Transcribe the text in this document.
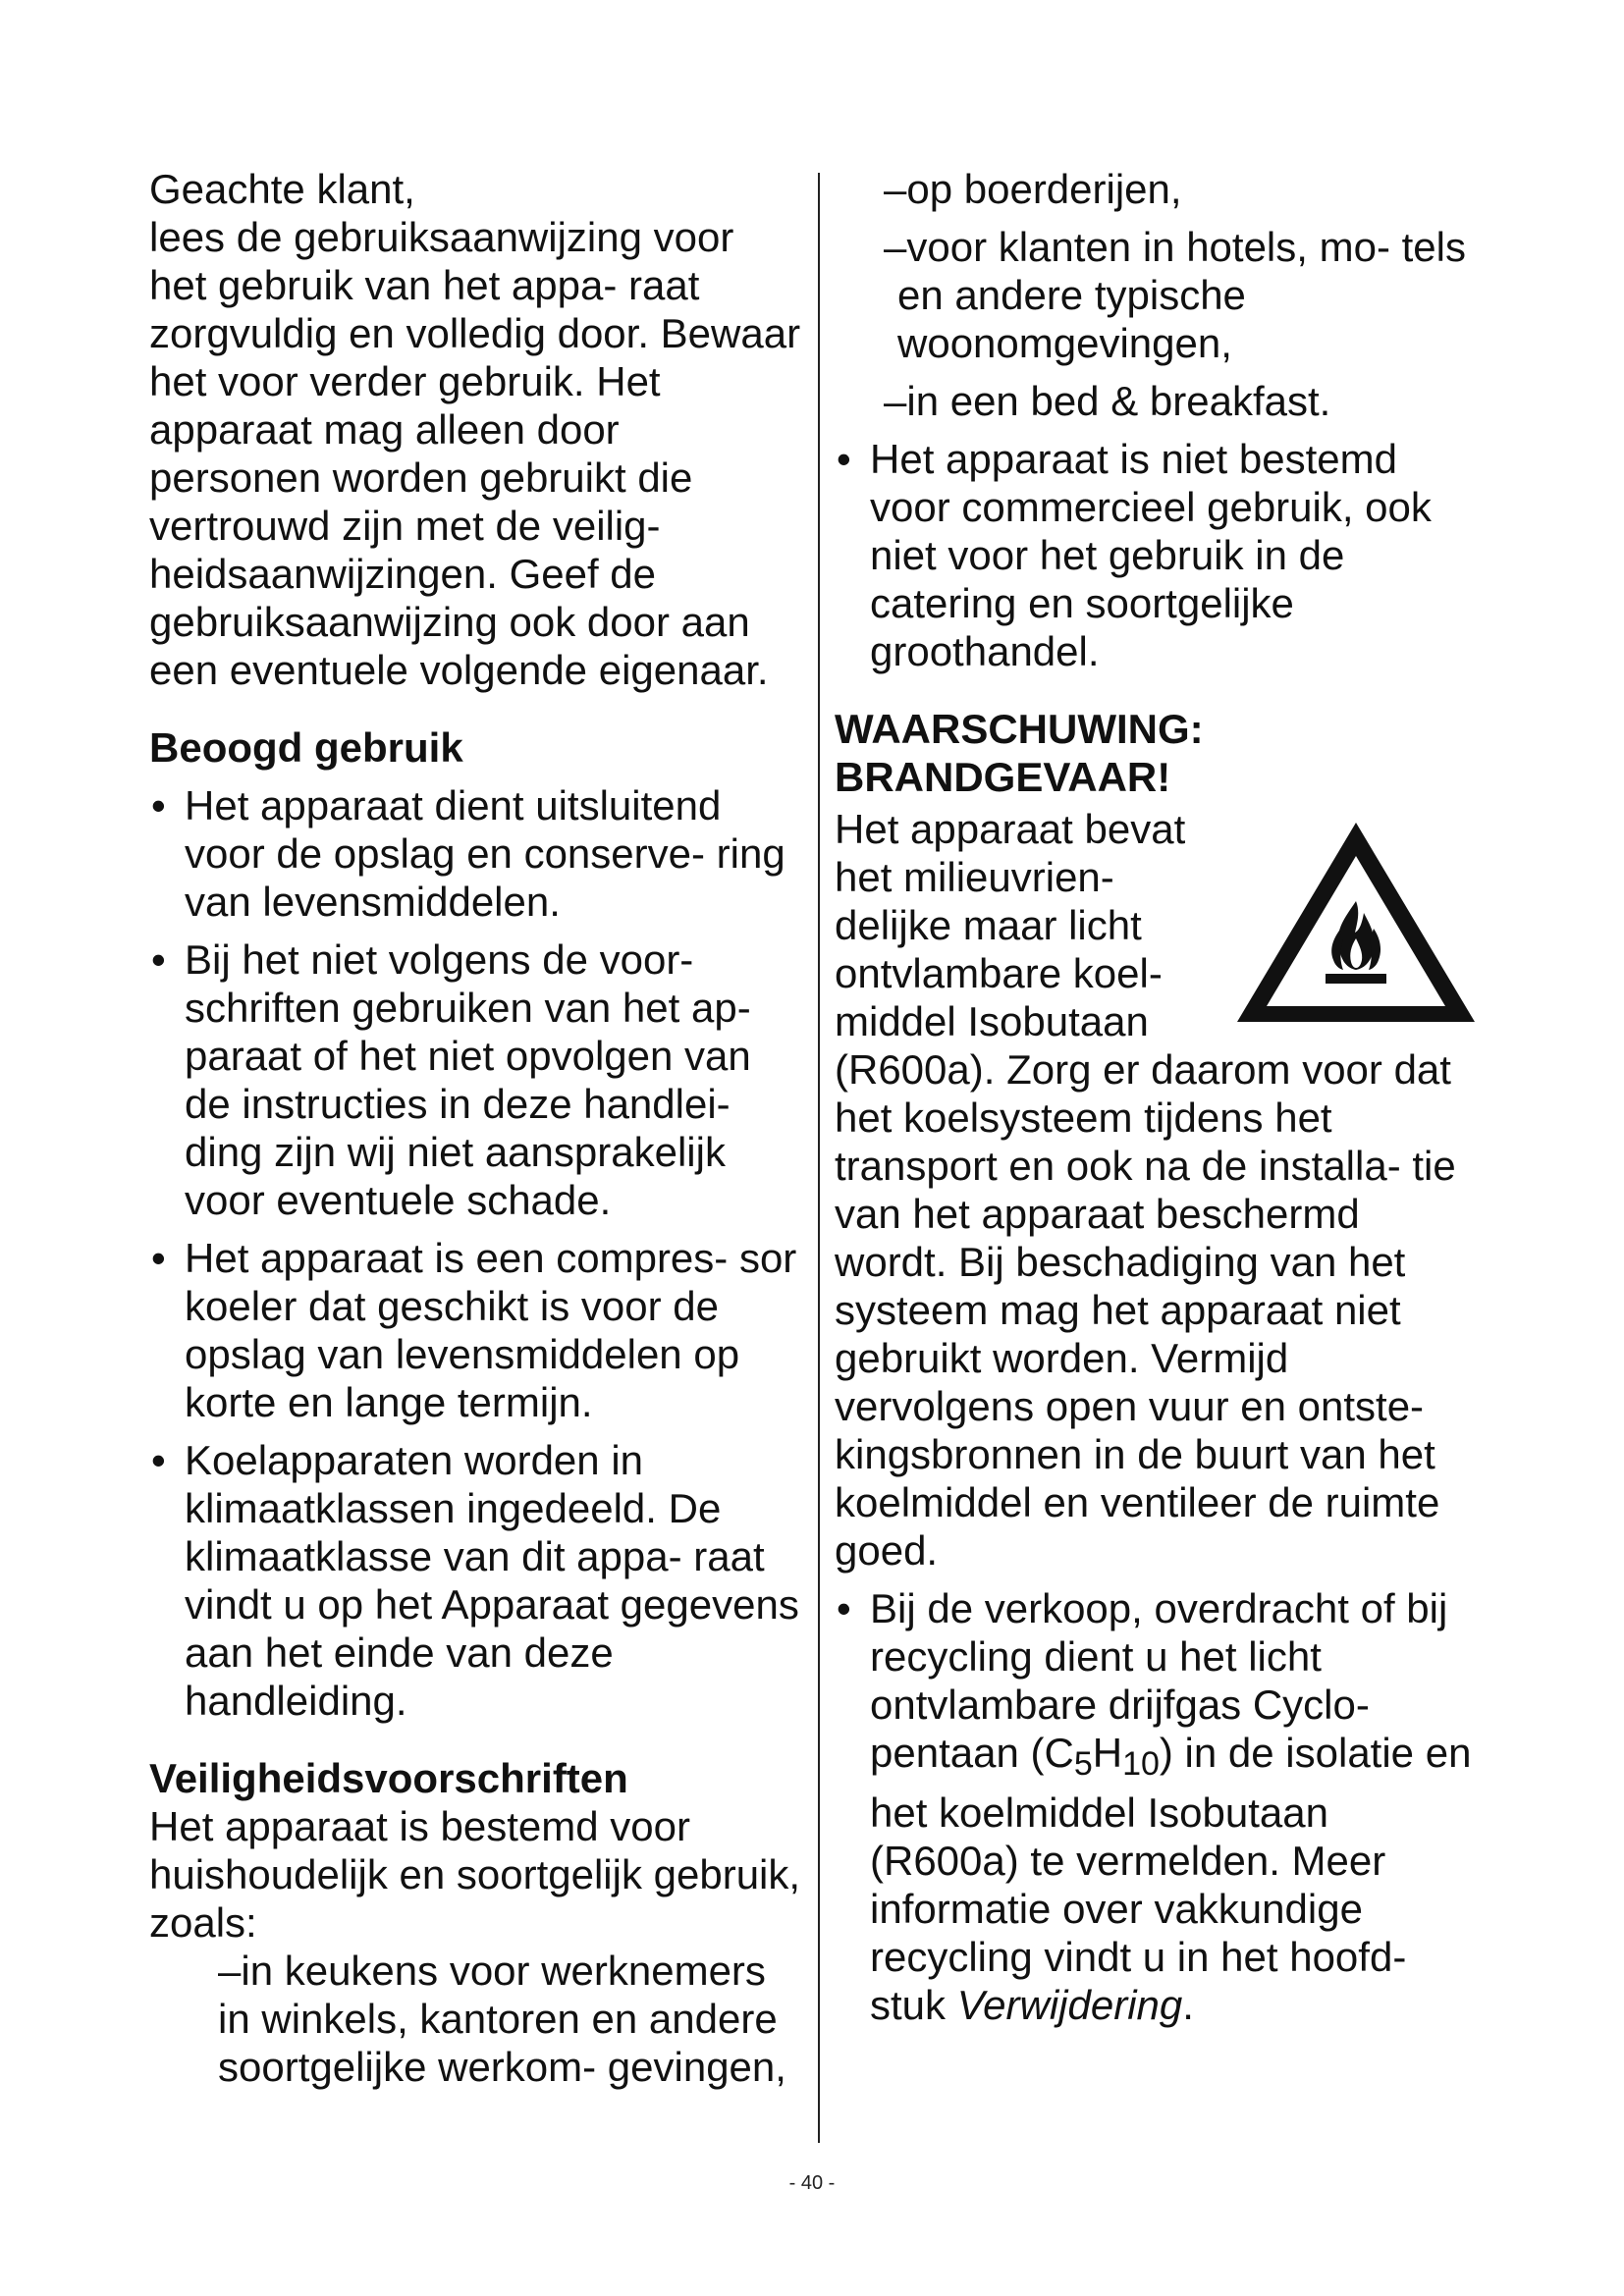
Geachte klant,
lees de gebruiksaanwijzing voor het gebruik van het appa- raat zorgvuldig en volledig door. Bewaar het voor verder gebruik. Het apparaat mag alleen door personen worden gebruikt die vertrouwd zijn met de veilig- heidsaanwijzingen. Geef de gebruiksaanwijzing ook door aan een eventuele volgende eigenaar.

Beoogd gebruik
• Het apparaat dient uitsluitend voor de opslag en conserve- ring van levensmiddelen.
• Bij het niet volgens de voor- schriften gebruiken van het ap- paraat of het niet opvolgen van de instructies in deze handlei- ding zijn wij niet aansprakelijk voor eventuele schade.
• Het apparaat is een compres- sor koeler dat geschikt is voor de opslag van levensmiddelen op korte en lange termijn.
• Koelapparaten worden in klimaatklassen ingedeeld. De klimaatklasse van dit appa- raat vindt u op het Apparaat gegevens aan het einde van deze handleiding.
Veiligheidsvoorschriften

Het apparaat is bestemd voor huishoudelijk en soortgelijk gebruik, zoals:

–in keukens voor werknemers in winkels, kantoren en andere soortgelijke werkom- gevingen,

–op boerderijen,

–voor klanten in hotels, mo- tels en andere typische woonomgevingen,

–in een bed & breakfast.

• Het apparaat is niet bestemd voor commercieel gebruik, ook niet voor het gebruik in de catering en soortgelijke groothandel.
WAARSCHUWING:
BRANDGEVAAR!

Het apparaat bevat het milieuvrien- delijke maar licht ontvlambare koel- middel Isobutaan (R600a). Zorg er daarom voor dat het koelsysteem tijdens het transport en ook na de installa- tie van het apparaat beschermd wordt. Bij beschadiging van het systeem mag het apparaat niet gebruikt worden. Vermijd vervolgens open vuur en ontste- kingsbronnen in de buurt van het koelmiddel en ventileer de ruimte goed.

• Bij de verkoop, overdracht of bij recycling dient u het licht ontvlambare drijfgas Cyclo- pentaan $(C_5H_{10})$ in de isolatie en het koelmiddel Isobutaan (R600a) te vermelden. Meer informatie over vakkundige recycling vindt u in het hoofd- stuk Verwijdering.
- 40 -
